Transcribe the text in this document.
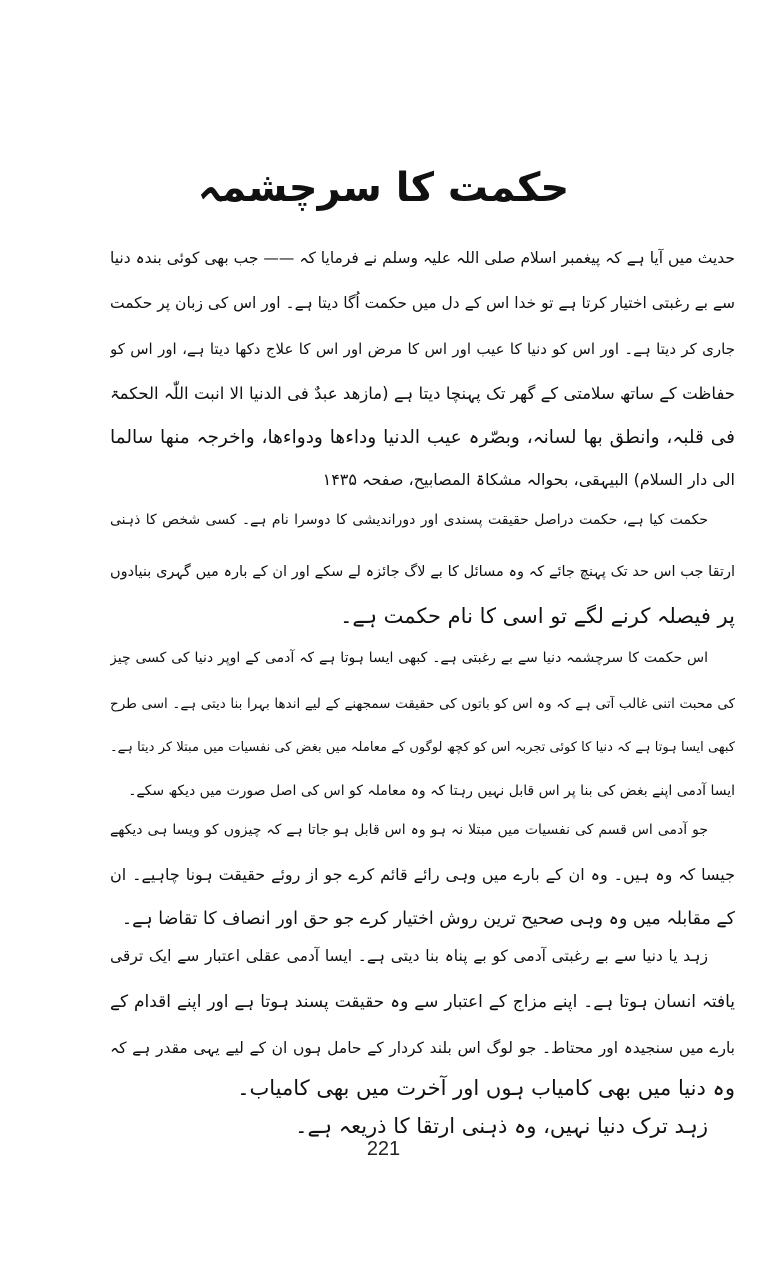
حکمت کا سرچشمہ
حدیث میں آیا ہے کہ پیغمبر اسلام صلی اللہ علیہ وسلم نے فرمایا کہ —— جب بھی کوئی بندہ دنیا
سے بے رغبتی اختیار کرتا ہے تو خدا اس کے دل میں حکمت اُگا دیتا ہے۔ اور اس کی زبان پر حکمت
جاری کر دیتا ہے۔ اور اس کو دنیا کا عیب اور اس کا مرض اور اس کا علاج دکھا دیتا ہے، اور اس کو
حفاظت کے ساتھ سلامتی کے گھر تک پہنچا دیتا ہے (مازھد عبدٌ فی الدنیا الا انبت اللّٰہ الحکمۃ
فی قلبہ، وانطق بھا لسانہ، وبصّرہ عیب الدنیا وداءھا ودواءھا، واخرجہ منھا سالما
الی دار السلام) البیہقی، بحوالہ مشکاۃ المصابیح، صفحہ ۱۴۳۵
حکمت کیا ہے، حکمت دراصل حقیقت پسندی اور دوراندیشی کا دوسرا نام ہے۔ کسی شخص کا ذہنی
ارتقا جب اس حد تک پہنچ جائے کہ وہ مسائل کا بے لاگ جائزہ لے سکے اور ان کے بارہ میں گہری بنیادوں
پر فیصلہ کرنے لگے تو اسی کا نام حکمت ہے۔
اس حکمت کا سرچشمہ دنیا سے بے رغبتی ہے۔ کبھی ایسا ہوتا ہے کہ آدمی کے اوپر دنیا کی کسی چیز
کی محبت اتنی غالب آتی ہے کہ وہ اس کو باتوں کی حقیقت سمجھنے کے لیے اندھا بہرا بنا دیتی ہے۔ اسی طرح
کبھی ایسا ہوتا ہے کہ دنیا کا کوئی تجربہ اس کو کچھ لوگوں کے معاملہ میں بغض کی نفسیات میں مبتلا کر دیتا ہے۔
ایسا آدمی اپنے بغض کی بنا پر اس قابل نہیں رہتا کہ وہ معاملہ کو اس کی اصل صورت میں دیکھ سکے۔
جو آدمی اس قسم کی نفسیات میں مبتلا نہ ہو وہ اس قابل ہو جاتا ہے کہ چیزوں کو ویسا ہی دیکھے
جیسا کہ وہ ہیں۔ وہ ان کے بارے میں وہی رائے قائم کرے جو از روئے حقیقت ہونا چاہیے۔ ان
کے مقابلہ میں وہ وہی صحیح ترین روش اختیار کرے جو حق اور انصاف کا تقاضا ہے۔
زہد یا دنیا سے بے رغبتی آدمی کو بے پناہ بنا دیتی ہے۔ ایسا آدمی عقلی اعتبار سے ایک ترقی
یافتہ انسان ہوتا ہے۔ اپنے مزاج کے اعتبار سے وہ حقیقت پسند ہوتا ہے اور اپنے اقدام کے
بارے میں سنجیدہ اور محتاط۔ جو لوگ اس بلند کردار کے حامل ہوں ان کے لیے یہی مقدر ہے کہ
وہ دنیا میں بھی کامیاب ہوں اور آخرت میں بھی کامیاب۔
زہد ترک دنیا نہیں، وہ ذہنی ارتقا کا ذریعہ ہے۔
221
